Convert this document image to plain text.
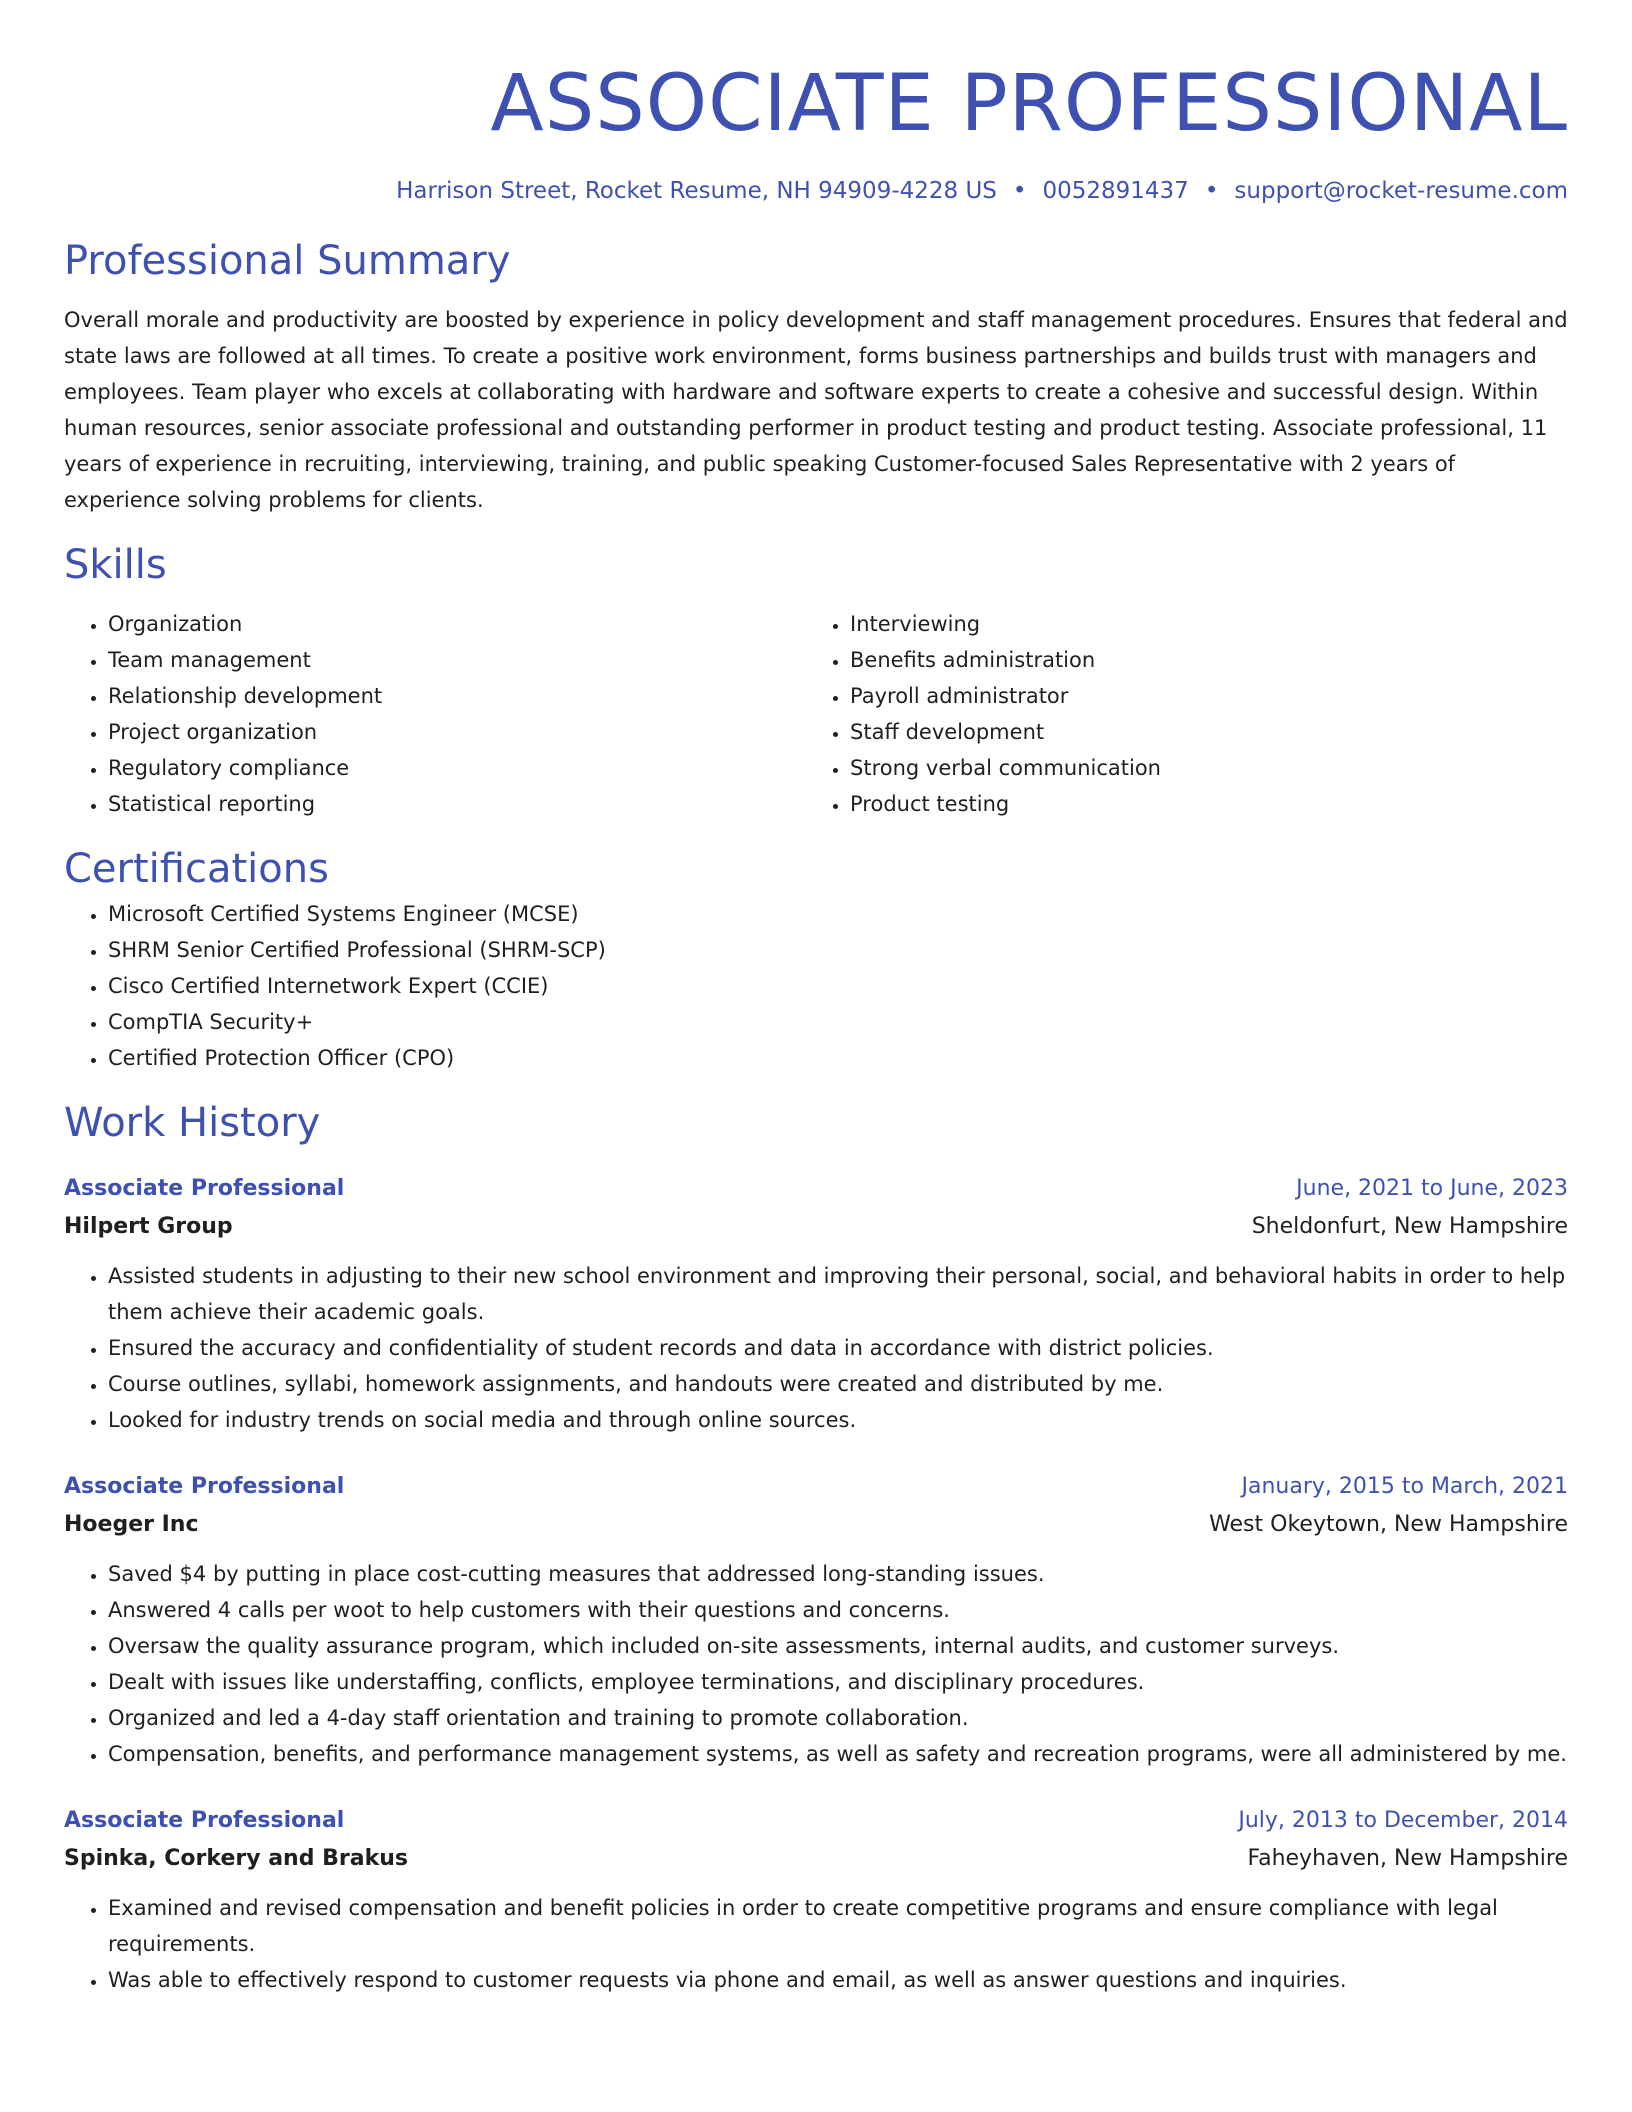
ASSOCIATE PROFESSIONAL
Harrison Street, Rocket Resume, NH 94909-4228 US • 0052891437 • support@rocket-resume.com
Professional Summary

Overall morale and productivity are boosted by experience in policy development and staff management procedures. Ensures that federal and state laws are followed at all times. To create a positive work environment, forms business partnerships and builds trust with managers and employees. Team player who excels at collaborating with hardware and software experts to create a cohesive and successful design. Within human resources, senior associate professional and outstanding performer in product testing and product testing. Associate professional, 11 years of experience in recruiting, interviewing, training, and public speaking Customer-focused Sales Representative with 2 years of experience solving problems for clients.

Skills
• Organization
• Team management
• Relationship development
• Project organization
• Regulatory compliance
• Statistical reporting
• Interviewing
• Benefits administration
• Payroll administrator
• Staff development
• Strong verbal communication
• Product testing
Certifications
• Microsoft Certified Systems Engineer (MCSE)
• SHRM Senior Certified Professional (SHRM-SCP)
• Cisco Certified Internetwork Expert (CCIE)
• CompTIA Security+
• Certified Protection Officer (CPO)
Work History
Associate Professional	June, 2021 to June, 2023
Hilpert Group	Sheldonfurt, New Hampshire
• Assisted students in adjusting to their new school environment and improving their personal, social, and behavioral habits in order to help them achieve their academic goals.
• Ensured the accuracy and confidentiality of student records and data in accordance with district policies.
• Course outlines, syllabi, homework assignments, and handouts were created and distributed by me.
• Looked for industry trends on social media and through online sources.
Associate Professional	January, 2015 to March, 2021
Hoeger Inc	West Okeytown, New Hampshire
• Saved $4 by putting in place cost-cutting measures that addressed long-standing issues.
• Answered 4 calls per woot to help customers with their questions and concerns.
• Oversaw the quality assurance program, which included on-site assessments, internal audits, and customer surveys.
• Dealt with issues like understaffing, conflicts, employee terminations, and disciplinary procedures.
• Organized and led a 4-day staff orientation and training to promote collaboration.
• Compensation, benefits, and performance management systems, as well as safety and recreation programs, were all administered by me.
Associate Professional	July, 2013 to December, 2014
Spinka, Corkery and Brakus	Faheyhaven, New Hampshire
• Examined and revised compensation and benefit policies in order to create competitive programs and ensure compliance with legal requirements.
• Was able to effectively respond to customer requests via phone and email, as well as answer questions and inquiries.
